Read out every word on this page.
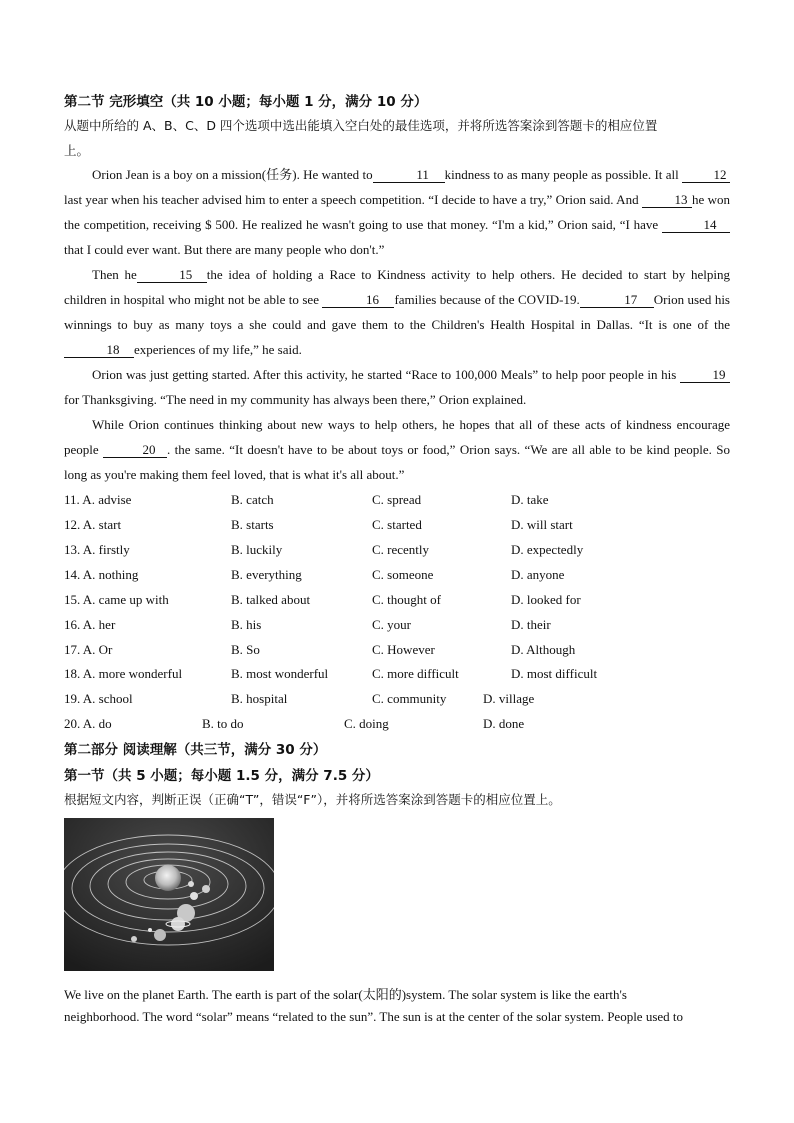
第二节 完形填空（共 10 小题；每小题 1 分，满分 10 分）
从题中所给的 A、B、C、D 四个选项中选出能填入空白处的最佳选项，并将所选答案涂到答题卡的相应位置
上。
Orion Jean is a boy on a mission(任务). He wanted to	11 kindness to as many people as possible. It all	12last year when his teacher advised him to enter a speech competition. “I decide to have a try,” Orion said. And	13 he won the competition, receiving $ 500. He realized he wasn't going to use that money. “I'm a kid,” Orion said, “I have	14that I could ever want. But there are many people who don't.”
Then he	15 the idea of holding a Race to Kindness activity to help others. He decided to start by helping children in hospital who might not be able to see	16 families because of the COVID-19.	17 Orion used his winnings to buy as many toys a she could and gave them to the Children's Health Hospital in Dallas. “It is one of the18 experiences of my life,” he said.
Orion was just getting started. After this activity, he started “Race to 100,000 Meals” to help poor people in his	19for Thanksgiving. “The need in my community has always been there,” Orion explained.
While Orion continues thinking about new ways to help others, he hopes that all of these acts of kindness encourage people	20 . the same. “It doesn't have to be about toys or food,” Orion says. “We are all able to be kind people. So long as you're making them feel loved, that is what it's all about.”
11. A. advise	B. catch	C. spread	D. take
12. A. start	B. starts	C. started	D. will start
13. A. firstly	B. luckily	C. recently	D. expectedly
14. A. nothing	B. everything	C. someone	D. anyone
15. A. came up with	B. talked about	C. thought of	D. looked for
16. A. her	B. his	C. your	D. their
17. A. Or	B. So	C. However	D. Although
18. A. more wonderful	B. most wonderful	C. more difficult	D. most difficult
19. A. school	B. hospital	C. community	D. village
20. A. do	B. to do	C. doing	D. done
第二部分 阅读理解（共三节，满分 30 分）
第一节（共 5 小题；每小题 1.5 分，满分 7.5 分）
根据短文内容，判断正误（正确“T”，错误“F”），并将所选答案涂到答题卡的相应位置上。
We live on the planet Earth. The earth is part of the solar(太阳的)system. The solar system is like the earth's
neighborhood. The word “solar” means “related to the sun”. The sun is at the center of the solar system. People used to
